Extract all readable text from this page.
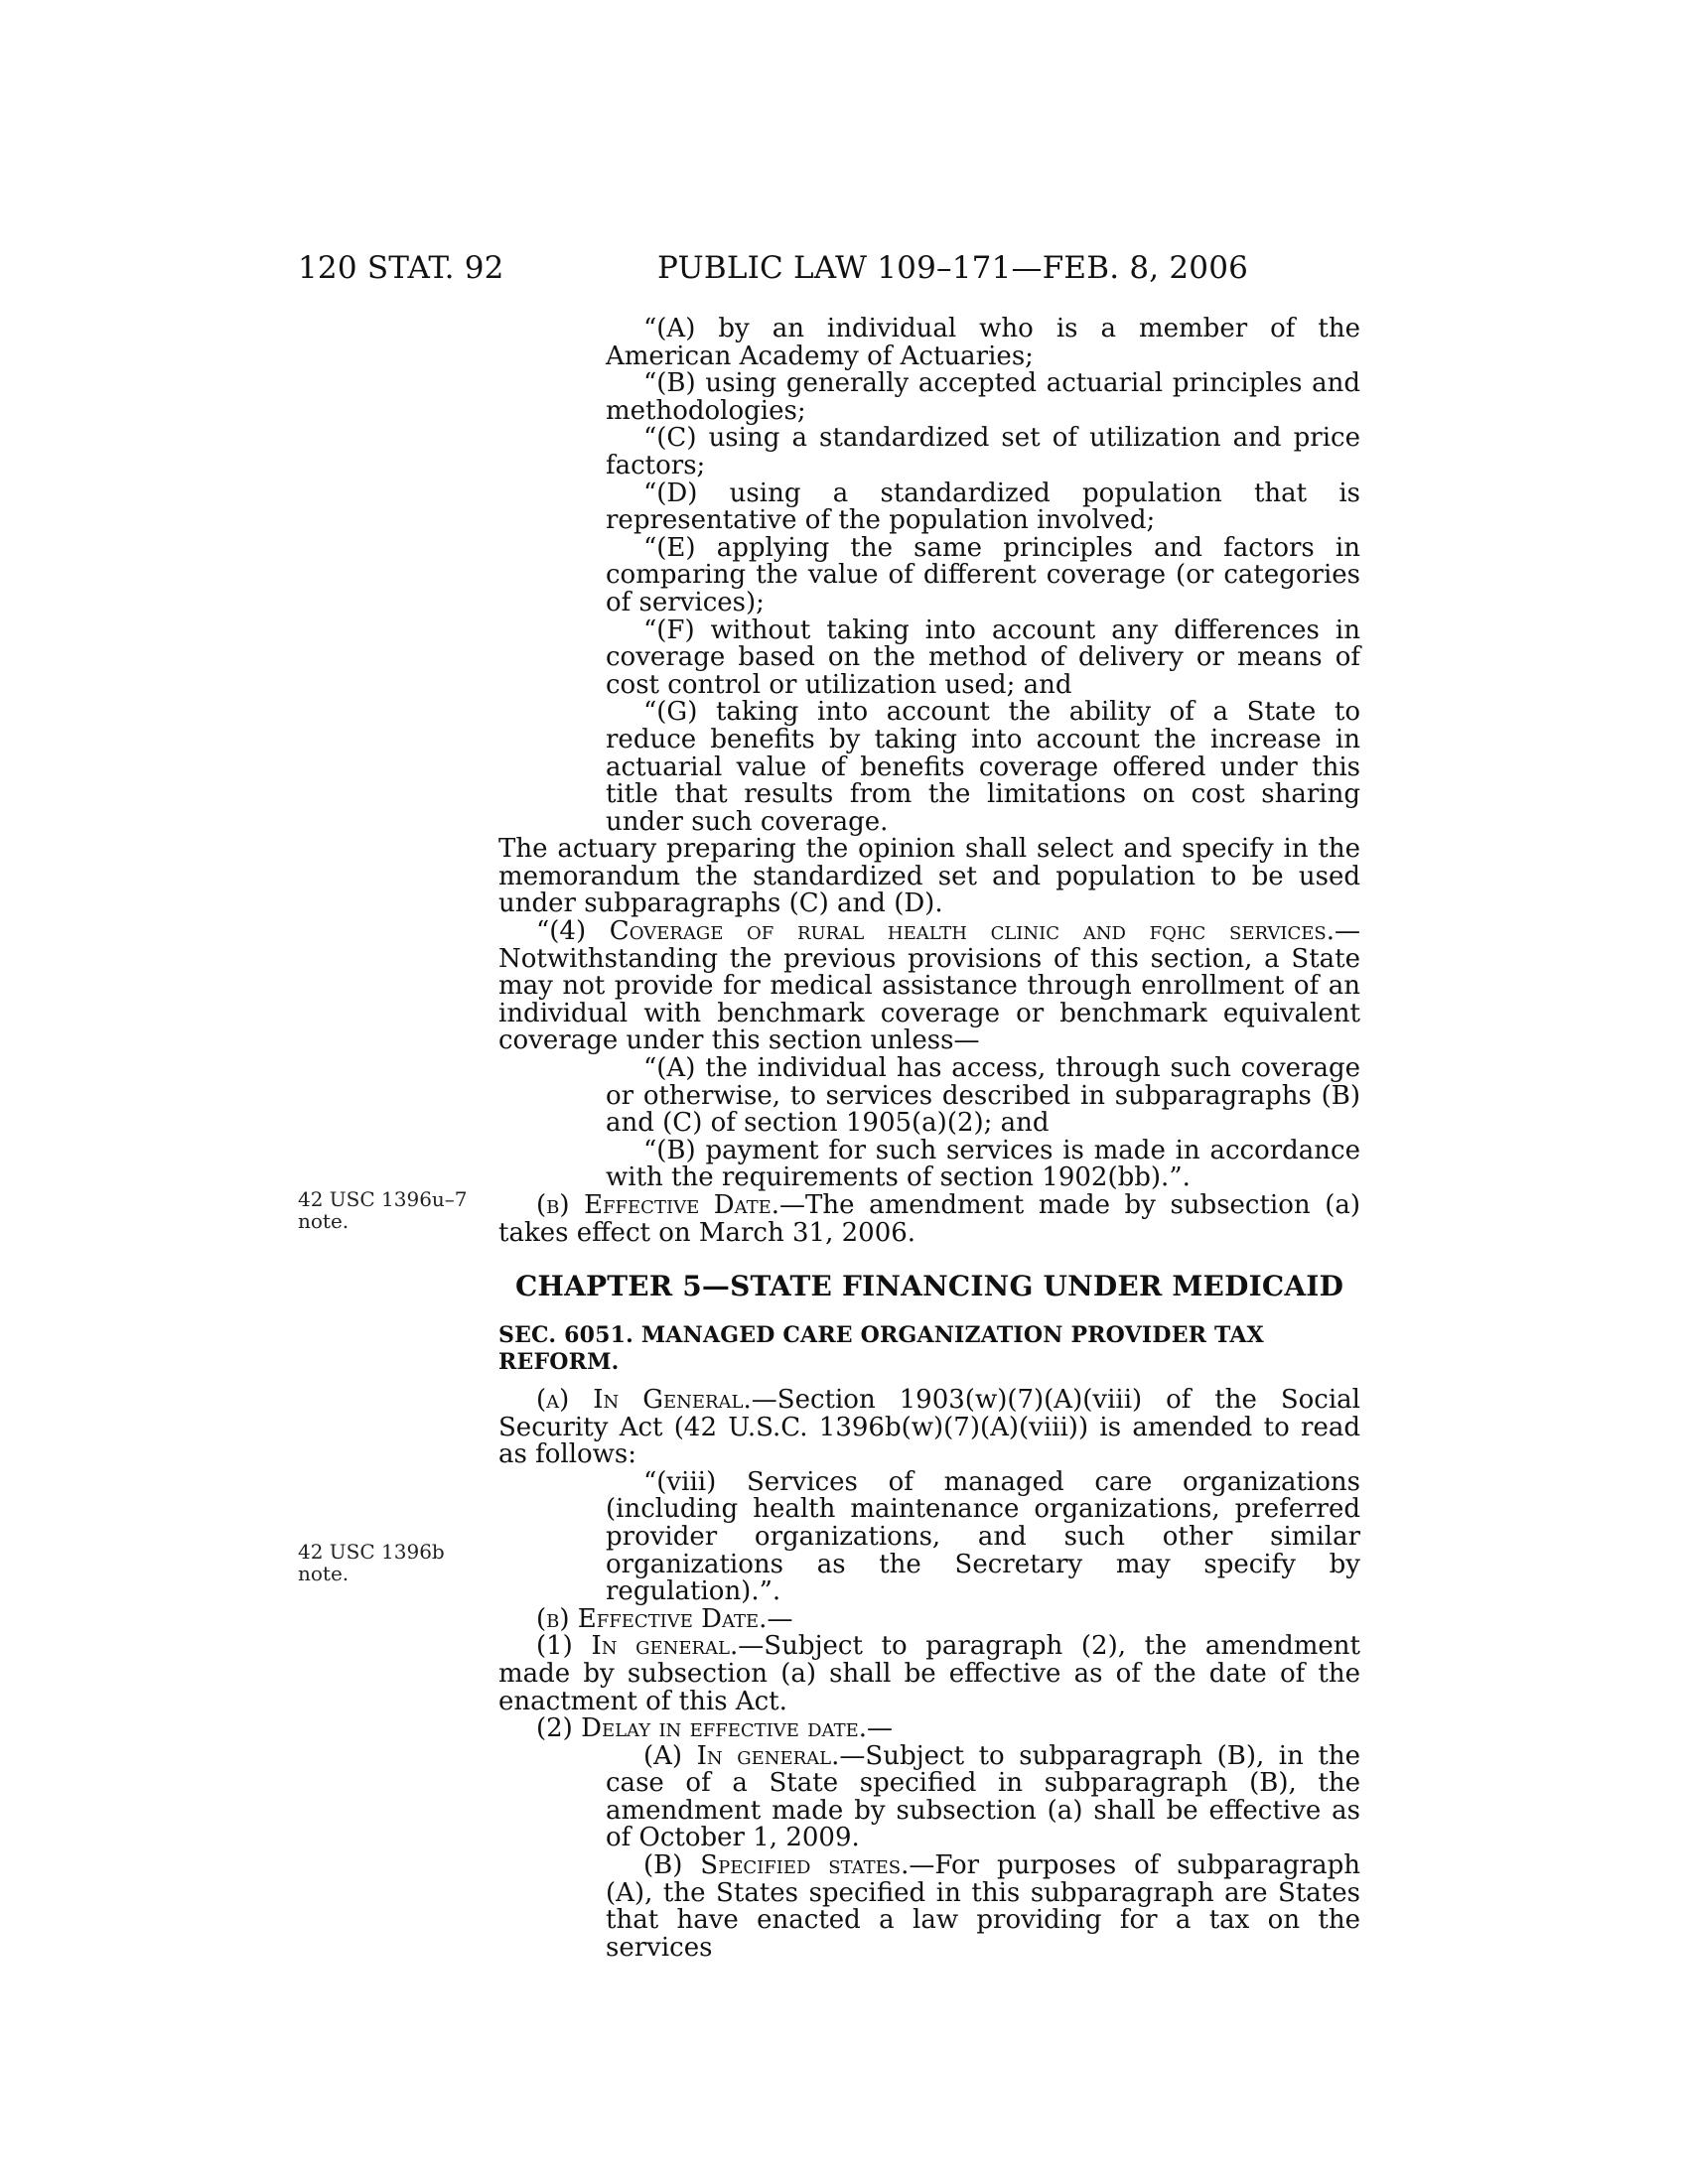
120 STAT. 92	PUBLIC LAW 109–171—FEB. 8, 2006
42 USC 1396u–7
note.
42 USC 1396b
note.

“(A) by an individual who is a member of the American Academy of Actuaries;

“(B) using generally accepted actuarial principles and methodologies;

“(C) using a standardized set of utilization and price factors;

“(D) using a standardized population that is representative of the population involved;

“(E) applying the same principles and factors in comparing the value of different coverage (or categories of services);

“(F) without taking into account any differences in coverage based on the method of delivery or means of cost control or utilization used; and

“(G) taking into account the ability of a State to reduce benefits by taking into account the increase in actuarial value of benefits coverage offered under this title that results from the limitations on cost sharing under such coverage.

The actuary preparing the opinion shall select and specify in the memorandum the standardized set and population to be used under subparagraphs (C) and (D).

“(4) Coverage of rural health clinic and fqhc services.—Notwithstanding the previous provisions of this section, a State may not provide for medical assistance through enrollment of an individual with benchmark coverage or benchmark equivalent coverage under this section unless—

“(A) the individual has access, through such coverage or otherwise, to services described in subparagraphs (B) and (C) of section 1905(a)(2); and

“(B) payment for such services is made in accordance with the requirements of section 1902(bb).”.

(b) Effective Date.—The amendment made by subsection (a) takes effect on March 31, 2006.

CHAPTER 5—STATE FINANCING UNDER MEDICAID

SEC. 6051. MANAGED CARE ORGANIZATION PROVIDER TAX REFORM.

(a) In General.—Section 1903(w)(7)(A)(viii) of the Social Security Act (42 U.S.C. 1396b(w)(7)(A)(viii)) is amended to read as follows:

“(viii) Services of managed care organizations (including health maintenance organizations, preferred provider organizations, and such other similar organizations as the Secretary may specify by regulation).”.

(b) Effective Date.—

(1) In general.—Subject to paragraph (2), the amendment made by subsection (a) shall be effective as of the date of the enactment of this Act.

(2) Delay in effective date.—

(A) In general.—Subject to subparagraph (B), in the case of a State specified in subparagraph (B), the amendment made by subsection (a) shall be effective as of October 1, 2009.

(B) Specified states.—For purposes of subparagraph (A), the States specified in this subparagraph are States that have enacted a law providing for a tax on the services
